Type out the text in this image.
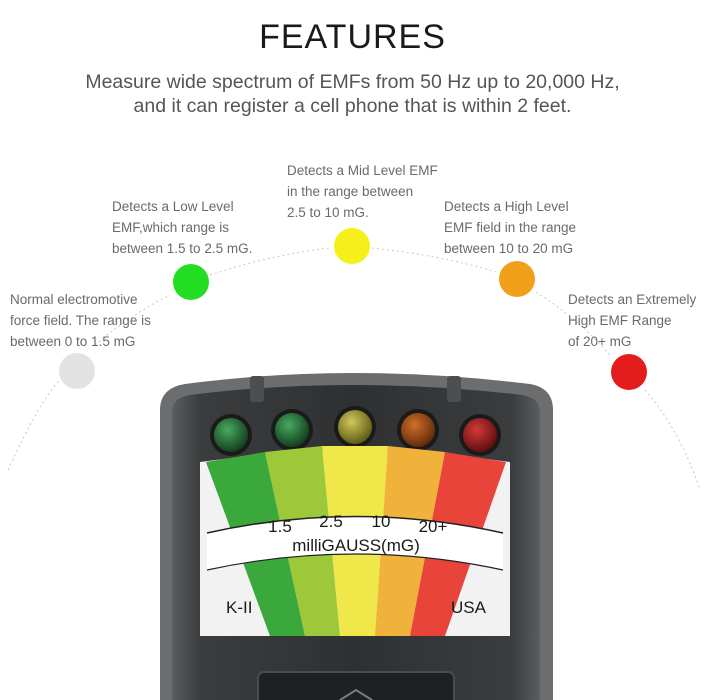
FEATURES
Measure wide spectrum of EMFs from 50 Hz up to 20,000 Hz,
and it can register a cell phone that is within 2 feet.
Normal electromotive
force field. The range is
between 0 to 1.5 mG
Detects a Low Level
EMF,which range is
between 1.5 to 2.5 mG.
Detects a Mid Level EMF
in the range between
2.5 to 10 mG.	Detects a High Level
EMF field in the range
between 10 to 20 mG
Detects an Extremely
High EMF Range
of 20+ mG
1.5 2.5 10 20+
milliGAUSS(mG)
K-II	USA
